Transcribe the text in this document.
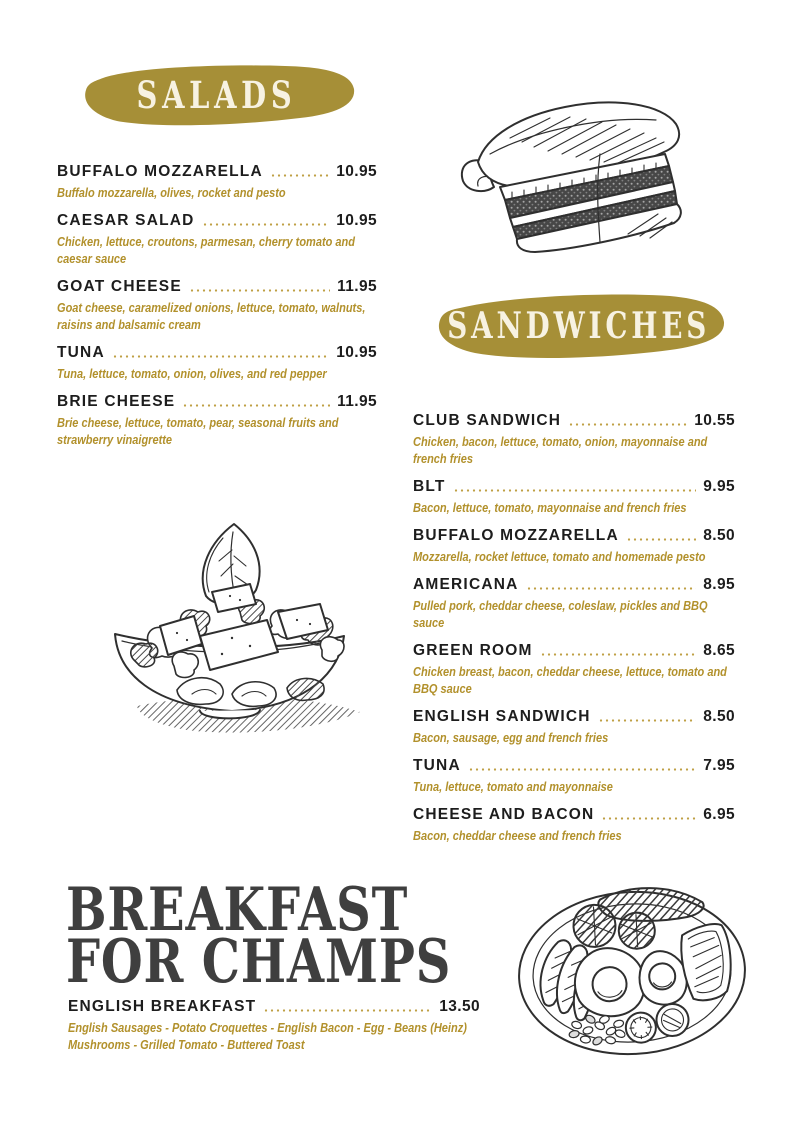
SALADS
BUFFALO MOZZARELLA	10.95
Buffalo mozzarella, olives, rocket and pesto
CAESAR SALAD	10.95
Chicken, lettuce, croutons, parmesan, cherry tomato and caesar sauce
GOAT CHEESE	11.95
Goat cheese, caramelized onions, lettuce, tomato, walnuts, raisins and balsamic cream
TUNA	10.95
Tuna, lettuce, tomato, onion, olives, and red pepper
BRIE CHEESE	11.95
Brie cheese, lettuce, tomato, pear, seasonal fruits and strawberry vinaigrette
SANDWICHES
CLUB SANDWICH	10.55
Chicken, bacon, lettuce, tomato, onion, mayonnaise and french fries
BLT	9.95
Bacon, lettuce, tomato, mayonnaise and french fries
BUFFALO MOZZARELLA	8.50
Mozzarella, rocket lettuce, tomato and homemade pesto
AMERICANA	8.95
Pulled pork, cheddar cheese, coleslaw, pickles and BBQ sauce
GREEN ROOM	8.65
Chicken breast, bacon, cheddar cheese, lettuce, tomato and BBQ sauce
ENGLISH SANDWICH	8.50
Bacon, sausage, egg and french fries
TUNA	7.95
Tuna, lettuce, tomato and mayonnaise
CHEESE AND BACON	6.95
Bacon, cheddar cheese and french fries
BREAKFAST
FOR CHAMPS
ENGLISH BREAKFAST	13.50
English Sausages - Potato Croquettes - English Bacon - Egg - Beans (Heinz) Mushrooms - Grilled Tomato - Buttered Toast
